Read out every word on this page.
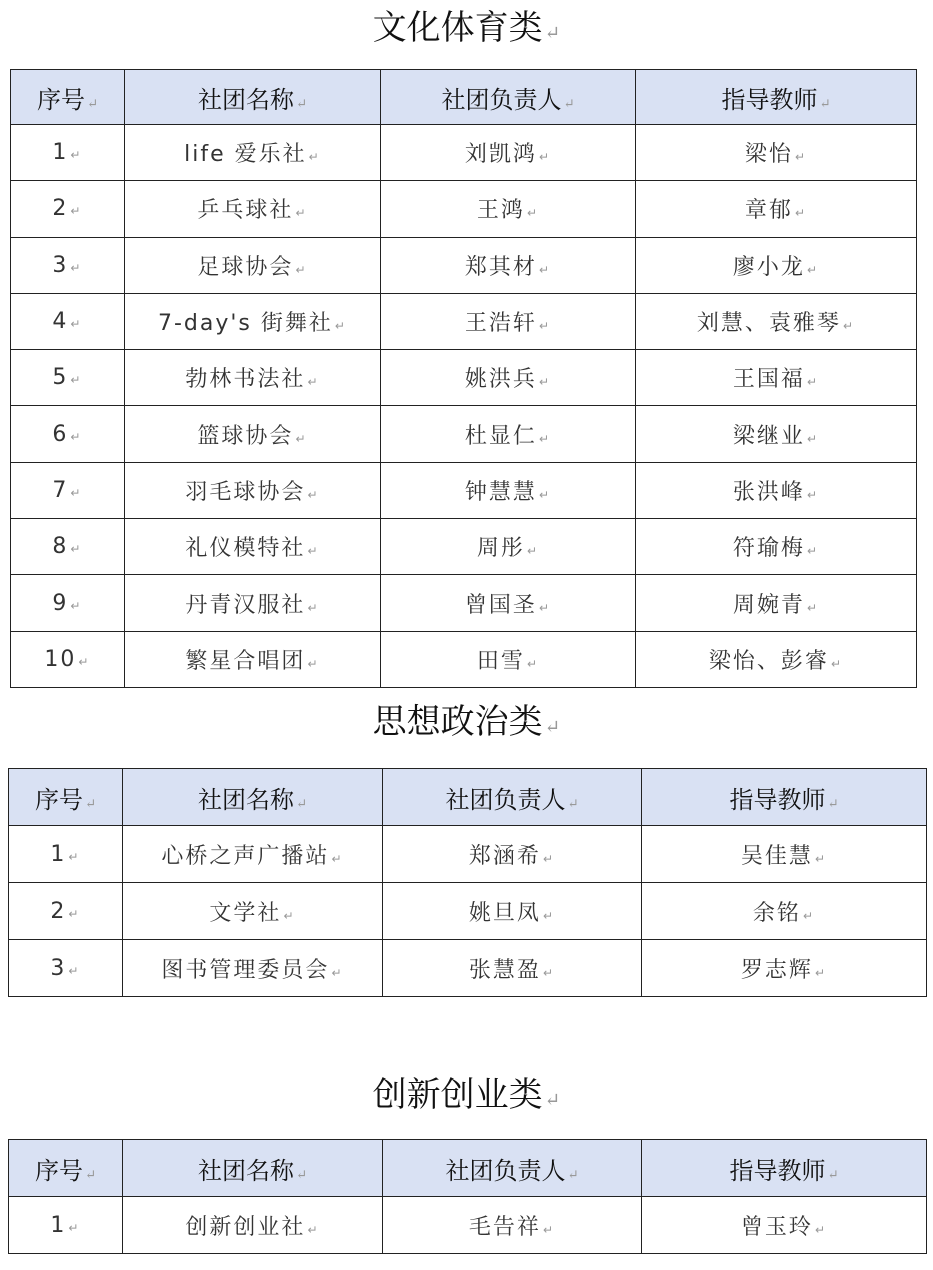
文化体育类 ↵
序号 ↵	社团名称 ↵	社团负责人 ↵	指导教师 ↵
1 ↵	life 爱乐社 ↵	刘凯鸿 ↵	梁怡 ↵
2 ↵	乒乓球社 ↵	王鸿 ↵	章郁 ↵
3 ↵	足球协会 ↵	郑其材 ↵	廖小龙 ↵
4 ↵	7-day's 街舞社 ↵	王浩轩 ↵	刘慧、袁雅琴 ↵
5 ↵	勃林书法社 ↵	姚洪兵 ↵	王国福 ↵
6 ↵	篮球协会 ↵	杜显仁 ↵	梁继业 ↵
7 ↵	羽毛球协会 ↵	钟慧慧 ↵	张洪峰 ↵
8 ↵	礼仪模特社 ↵	周彤 ↵	符瑜梅 ↵
9 ↵	丹青汉服社 ↵	曾国圣 ↵	周婉青 ↵
10 ↵	繁星合唱团 ↵	田雪 ↵	梁怡、彭睿 ↵
思想政治类 ↵
序号 ↵	社团名称 ↵	社团负责人 ↵	指导教师 ↵
1 ↵	心桥之声广播站 ↵	郑涵希 ↵	吴佳慧 ↵
2 ↵	文学社 ↵	姚旦凤 ↵	余铭 ↵
3 ↵	图书管理委员会 ↵	张慧盈 ↵	罗志辉 ↵
创新创业类 ↵
序号 ↵	社团名称 ↵	社团负责人 ↵	指导教师 ↵
1 ↵	创新创业社 ↵	毛告祥 ↵	曾玉玲 ↵
